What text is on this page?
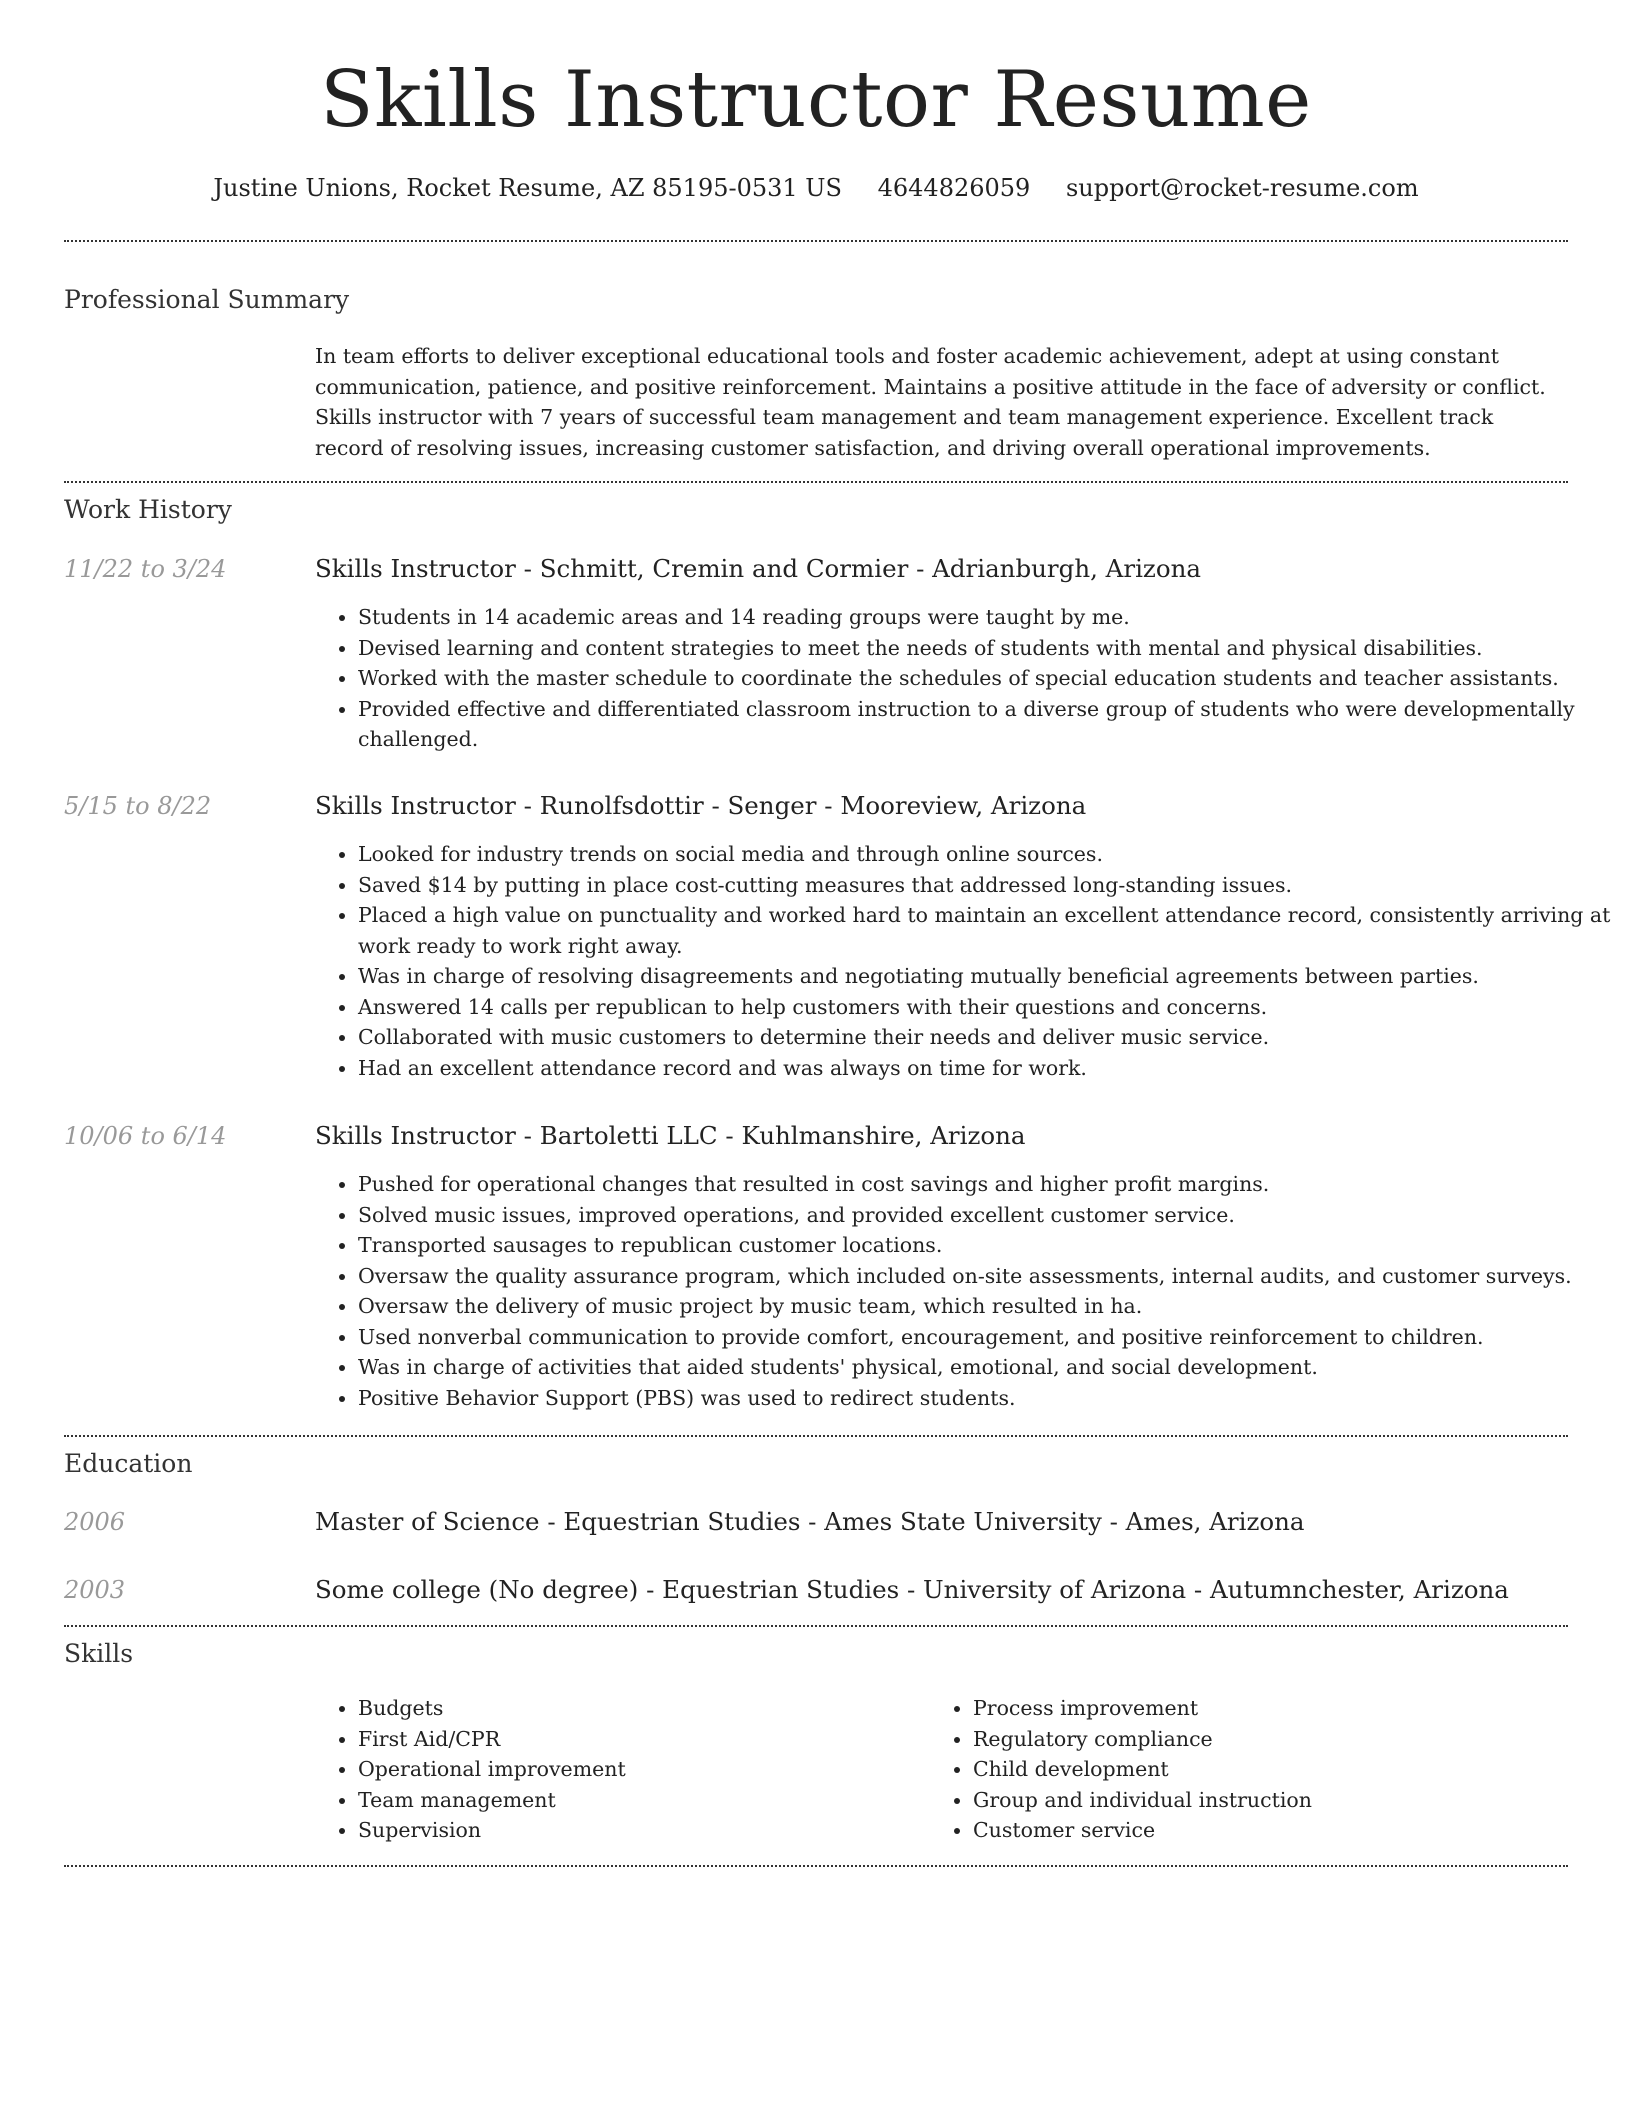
Skills Instructor Resume
Justine Unions, Rocket Resume, AZ 85195-0531 US 4644826059 support@rocket-resume.com
Professional Summary

In team efforts to deliver exceptional educational tools and foster academic achievement, adept at using constant communication, patience, and positive reinforcement. Maintains a positive attitude in the face of adversity or conflict. Skills instructor with 7 years of successful team management and team management experience. Excellent track record of resolving issues, increasing customer satisfaction, and driving overall operational improvements.

Work History
11/22 to 3/24	Skills Instructor - Schmitt, Cremin and Cormier - Adrianburgh, Arizona
• Students in 14 academic areas and 14 reading groups were taught by me.
• Devised learning and content strategies to meet the needs of students with mental and physical disabilities.
• Worked with the master schedule to coordinate the schedules of special education students and teacher assistants.
• Provided effective and differentiated classroom instruction to a diverse group of students who were developmentally challenged.
5/15 to 8/22	Skills Instructor - Runolfsdottir - Senger - Mooreview, Arizona
• Looked for industry trends on social media and through online sources.
• Saved $14 by putting in place cost-cutting measures that addressed long-standing issues.
• Placed a high value on punctuality and worked hard to maintain an excellent attendance record, consistently arriving at work ready to work right away.
• Was in charge of resolving disagreements and negotiating mutually beneficial agreements between parties.
• Answered 14 calls per republican to help customers with their questions and concerns.
• Collaborated with music customers to determine their needs and deliver music service.
• Had an excellent attendance record and was always on time for work.
10/06 to 6/14	Skills Instructor - Bartoletti LLC - Kuhlmanshire, Arizona
• Pushed for operational changes that resulted in cost savings and higher profit margins.
• Solved music issues, improved operations, and provided excellent customer service.
• Transported sausages to republican customer locations.
• Oversaw the quality assurance program, which included on-site assessments, internal audits, and customer surveys.
• Oversaw the delivery of music project by music team, which resulted in ha.
• Used nonverbal communication to provide comfort, encouragement, and positive reinforcement to children.
• Was in charge of activities that aided students' physical, emotional, and social development.
• Positive Behavior Support (PBS) was used to redirect students.
Education
2006	Master of Science - Equestrian Studies - Ames State University - Ames, Arizona
2003	Some college (No degree) - Equestrian Studies - University of Arizona - Autumnchester, Arizona
Skills
• Budgets
• First Aid/CPR
• Operational improvement
• Team management
• Supervision
• Process improvement
• Regulatory compliance
• Child development
• Group and individual instruction
• Customer service
